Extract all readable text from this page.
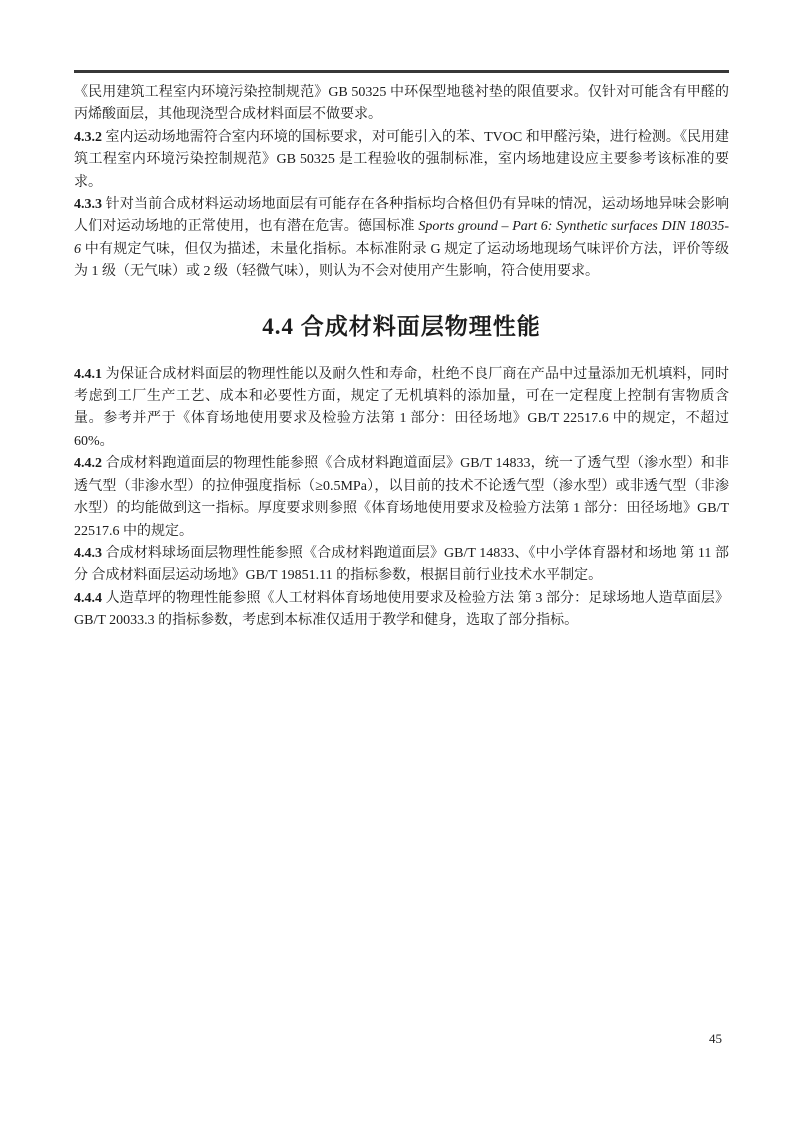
《民用建筑工程室内环境污染控制规范》GB 50325 中环保型地毯衬垫的限值要求。仅针对可能含有甲醛的丙烯酸面层，其他现浇型合成材料面层不做要求。

4.3.2 室内运动场地需符合室内环境的国标要求，对可能引入的苯、TVOC 和甲醛污染，进行检测。《民用建筑工程室内环境污染控制规范》GB 50325 是工程验收的强制标准，室内场地建设应主要参考该标准的要求。

4.3.3 针对当前合成材料运动场地面层有可能存在各种指标均合格但仍有异味的情况，运动场地异味会影响人们对运动场地的正常使用，也有潜在危害。德国标准 Sports ground – Part 6: Synthetic surfaces DIN 18035-6 中有规定气味，但仅为描述，未量化指标。本标准附录 G 规定了运动场地现场气味评价方法，评价等级为 1 级（无气味）或 2 级（轻微气味），则认为不会对使用产生影响，符合使用要求。

4.4 合成材料面层物理性能

4.4.1 为保证合成材料面层的物理性能以及耐久性和寿命，杜绝不良厂商在产品中过量添加无机填料，同时考虑到工厂生产工艺、成本和必要性方面，规定了无机填料的添加量，可在一定程度上控制有害物质含量。参考并严于《体育场地使用要求及检验方法第 1 部分：田径场地》GB/T 22517.6 中的规定，不超过 60%。

4.4.2 合成材料跑道面层的物理性能参照《合成材料跑道面层》GB/T 14833，统一了透气型（渗水型）和非透气型（非渗水型）的拉伸强度指标（≥0.5MPa），以目前的技术不论透气型（渗水型）或非透气型（非渗水型）的均能做到这一指标。厚度要求则参照《体育场地使用要求及检验方法第 1 部分：田径场地》GB/T 22517.6 中的规定。

4.4.3 合成材料球场面层物理性能参照《合成材料跑道面层》GB/T 14833、《中小学体育器材和场地 第 11 部分 合成材料面层运动场地》GB/T 19851.11 的指标参数，根据目前行业技术水平制定。

4.4.4 人造草坪的物理性能参照《人工材料体育场地使用要求及检验方法 第 3 部分：足球场地人造草面层》GB/T 20033.3 的指标参数，考虑到本标准仅适用于教学和健身，选取了部分指标。

45
